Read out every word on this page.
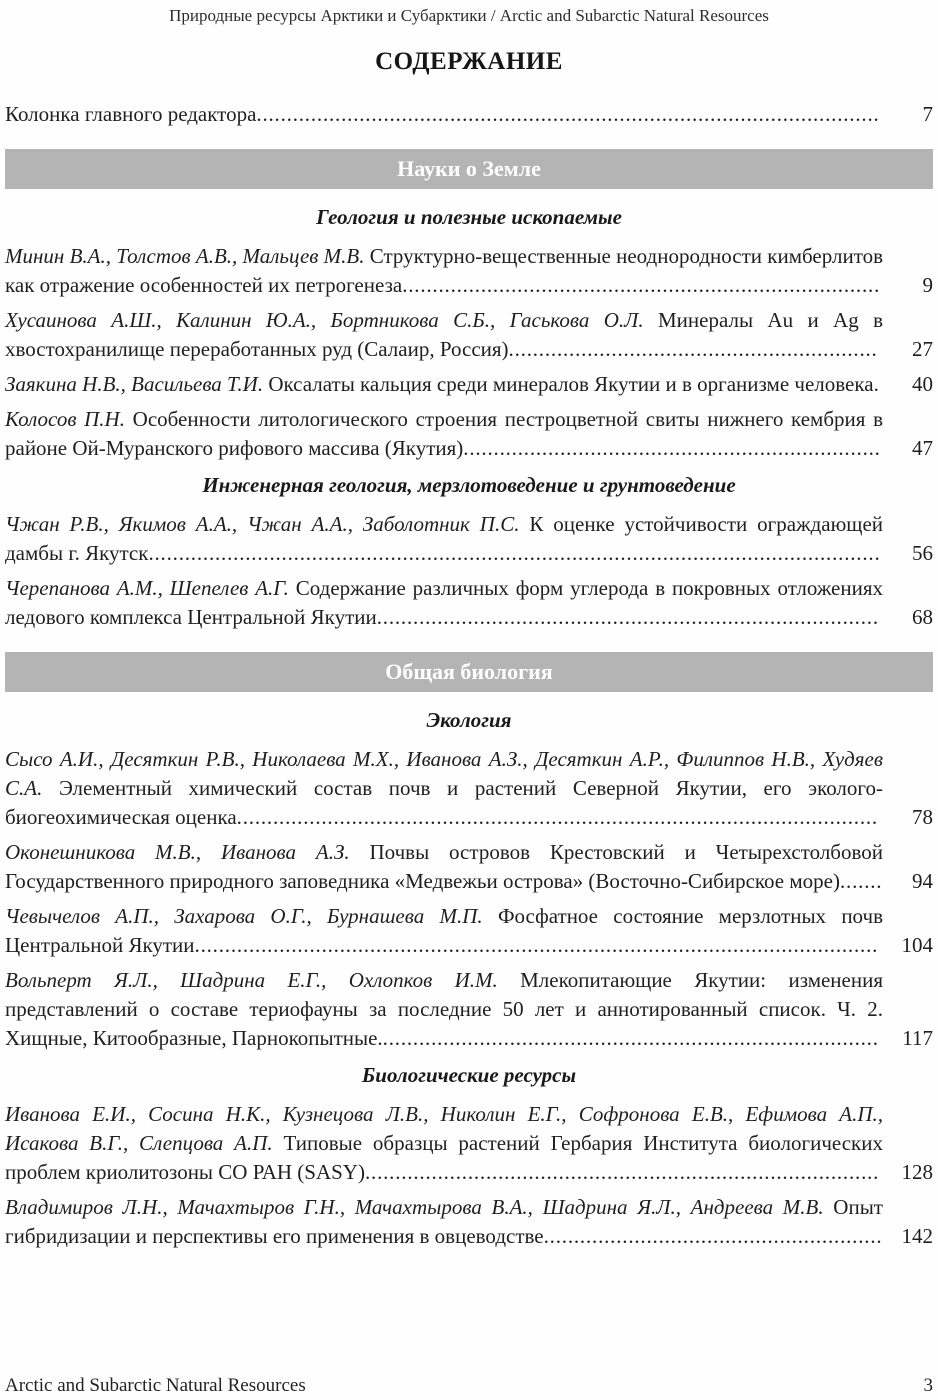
Природные ресурсы Арктики и Субарктики / Arctic and Subarctic Natural Resources
СОДЕРЖАНИЕ

Колонка главного редактора....................................................................................................... 7

Науки о Земле
Геология и полезные ископаемые

Минин В.А., Толстов А.В., Мальцев М.В. Структурно-вещественные неоднородности кимберлитов как отражение особенностей их петрогенеза............................................................................... 9

Хусаинова А.Ш., Калинин Ю.А., Бортникова С.Б., Гаськова О.Л. Минералы Au и Ag в хвостохранилище переработанных руд (Салаир, Россия)............................................................. 27

Заякина Н.В., Васильева Т.И. Оксалаты кальция среди минералов Якутии и в организме человека. 40

Колосов П.Н. Особенности литологического строения пестроцветной свиты нижнего кембрия в районе Ой-Муранского рифового массива (Якутия)..................................................................... 47

Инженерная геология, мерзлотоведение и грунтоведение

Чжан Р.В., Якимов А.А., Чжан А.А., Заболотник П.С. К оценке устойчивости ограждающей дамбы г. Якутск......................................................................................................................... 56

Черепанова А.М., Шепелев А.Г. Содержание различных форм углерода в покровных отложениях ледового комплекса Центральной Якутии................................................................................... 68

Общая биология
Экология

Сысо А.И., Десяткин Р.В., Николаева М.Х., Иванова А.З., Десяткин А.Р., Филиппов Н.В., Худяев С.А. Элементный химический состав почв и растений Северной Якутии, его эколого-биогеохимическая оценка.......................................................................................................... 78

Оконешникова М.В., Иванова А.З. Почвы островов Крестовский и Четырехстолбовой Государственного природного заповедника «Медвежьи острова» (Восточно-Сибирское море)....... 94

Чевычелов А.П., Захарова О.Г., Бурнашева М.П. Фосфатное состояние мерзлотных почв Центральной Якутии................................................................................................................. 104

Вольперт Я.Л., Шадрина Е.Г., Охлопков И.М. Млекопитающие Якутии: изменения представлений о составе териофауны за последние 50 лет и аннотированный список. Ч. 2. Хищные, Китообразные, Парнокопытные................................................................................... 117

Биологические ресурсы

Иванова Е.И., Сосина Н.К., Кузнецова Л.В., Николин Е.Г., Софронова Е.В., Ефимова А.П., Исакова В.Г., Слепцова А.П. Типовые образцы растений Гербария Института биологических проблем криолитозоны СО РАН (SASY)..................................................................................... 128

Владимиров Л.Н., Мачахтыров Г.Н., Мачахтырова В.А., Шадрина Я.Л., Андреева М.В. Опыт гибридизации и перспективы его применения в овцеводстве........................................................ 142

Arctic and Subarctic Natural Resources	3
